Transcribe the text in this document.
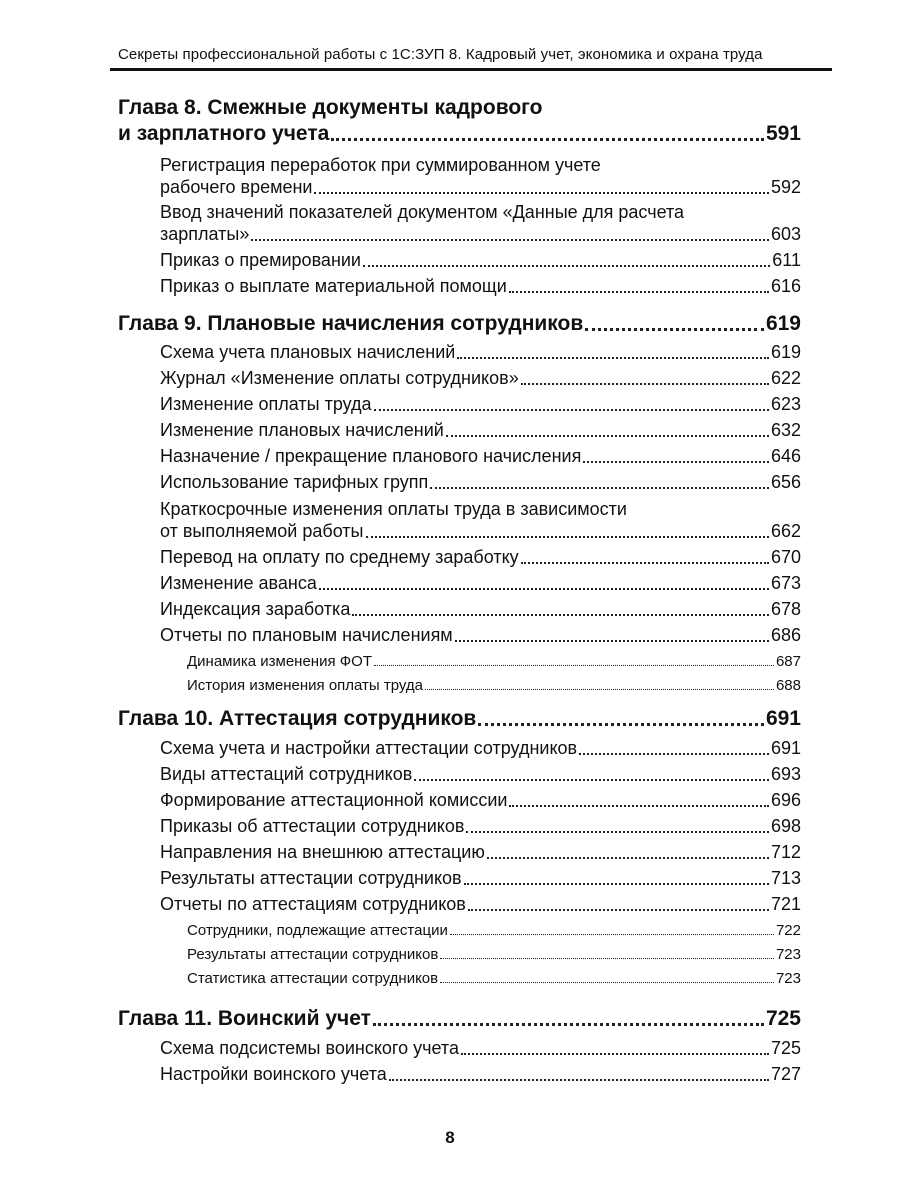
Секреты профессиональной работы с 1С:ЗУП 8. Кадровый учет, экономика и охрана труда
Глава 8. Смежные документы кадрового
и зарплатного учета	591
Регистрация переработок при суммированном учете
рабочего времени	592
Ввод значений показателей документом «Данные для расчета
зарплаты»	603
Приказ о премировании	611
Приказ о выплате материальной помощи	616
Глава 9. Плановые начисления сотрудников	619
Схема учета плановых начислений	619
Журнал «Изменение оплаты сотрудников»	622
Изменение оплаты труда	623
Изменение плановых начислений	632
Назначение / прекращение планового начисления	646
Использование тарифных групп	656
Краткосрочные изменения оплаты труда в зависимости
от выполняемой работы	662
Перевод на оплату по среднему заработку	670
Изменение аванса	673
Индексация заработка	678
Отчеты по плановым начислениям	686
Динамика изменения ФОТ	687
История изменения оплаты труда	688
Глава 10. Аттестация сотрудников	691
Схема учета и настройки аттестации сотрудников	691
Виды аттестаций сотрудников	693
Формирование аттестационной комиссии	696
Приказы об аттестации сотрудников	698
Направления на внешнюю аттестацию	712
Результаты аттестации сотрудников	713
Отчеты по аттестациям сотрудников	721
Сотрудники, подлежащие аттестации	722
Результаты аттестации сотрудников	723
Статистика аттестации сотрудников	723
Глава 11. Воинский учет	725
Схема подсистемы воинского учета	725
Настройки воинского учета	727
8
